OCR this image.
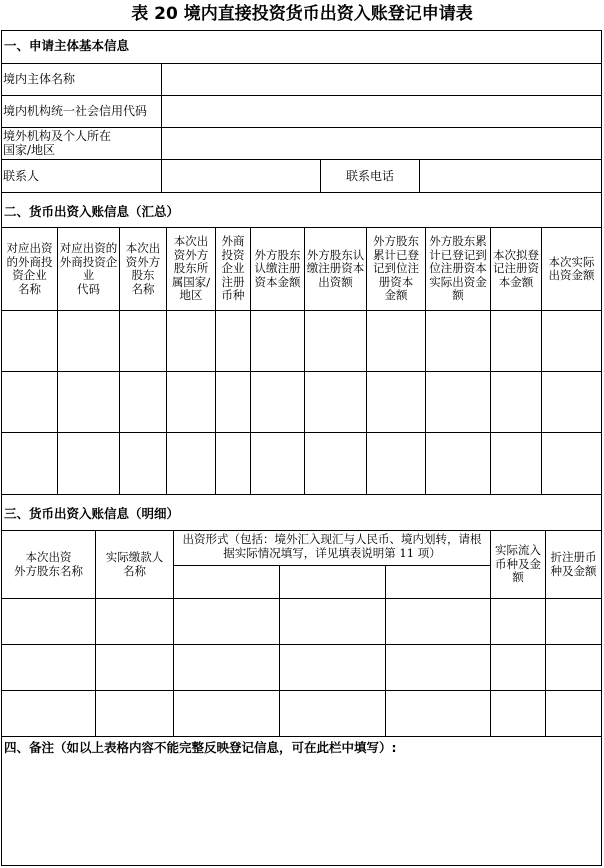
表 20 境内直接投资货币出资入账登记申请表
一、申请主体基本信息
境内主体名称
境内机构统一社会信用代码
境外机构及个人所在
国家/地区
联系人	联系电话
二、货币出资入账信息（汇总）
对应出资
的外商投
资企业
名称
对应出资的
外商投资企
业
代码
本次出
资外方
股东
名称
本次出
资外方
股东所
属国家/
地区
外商
投资
企业
注册
币种
外方股东
认缴注册
资本金额
外方股东认
缴注册资本
出资额
外方股东
累计已登
记到位注
册资本
金额
外方股东累
计已登记到
位注册资本
实际出资金
额
本次拟登
记注册资
本金额
本次实际
出资金额
三、货币出资入账信息（明细）
本次出资
外方股东名称
实际缴款人
名称
出资形式（包括：境外汇入现汇与人民币、境内划转，请根
据实际情况填写，详见填表说明第 11 项）	实际流入
币种及金
额
折注册币
种及金额
四、备注（如以上表格内容不能完整反映登记信息，可在此栏中填写）:
